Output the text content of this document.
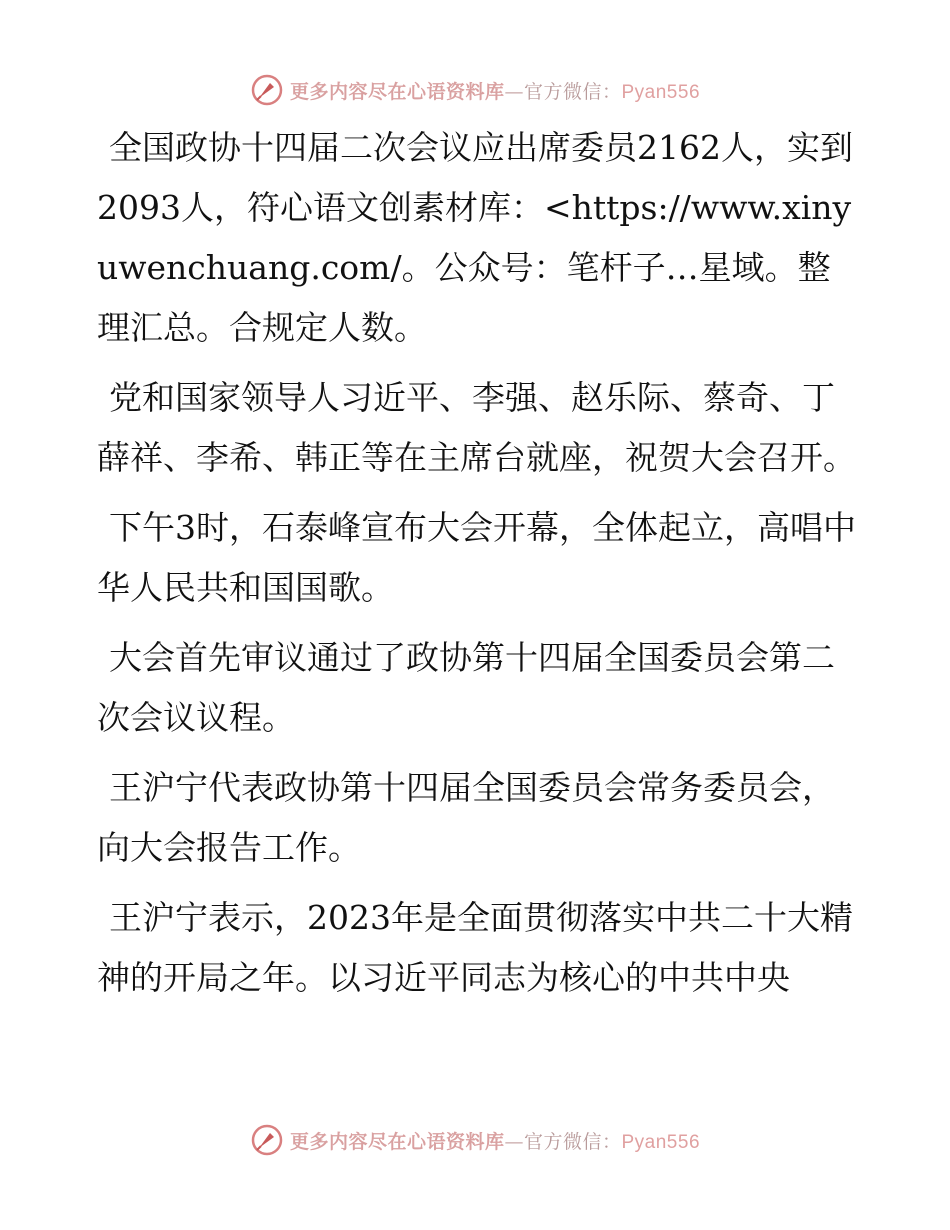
更多内容尽在心语资料库—官方微信：Pyan556

全国政协十四届二次会议应出席委员2162人，实到2093人，符心语文创素材库：<https://www.xinyuwenchuang.com/。公众号：笔杆子…星域。整理汇总。合规定人数。

党和国家领导人习近平、李强、赵乐际、蔡奇、丁薛祥、李希、韩正等在主席台就座，祝贺大会召开。

下午3时，石泰峰宣布大会开幕，全体起立，高唱中华人民共和国国歌。

大会首先审议通过了政协第十四届全国委员会第二次会议议程。

王沪宁代表政协第十四届全国委员会常务委员会，向大会报告工作。

王沪宁表示，2023年是全面贯彻落实中共二十大精神的开局之年。以习近平同志为核心的中共中央

更多内容尽在心语资料库—官方微信：Pyan556
